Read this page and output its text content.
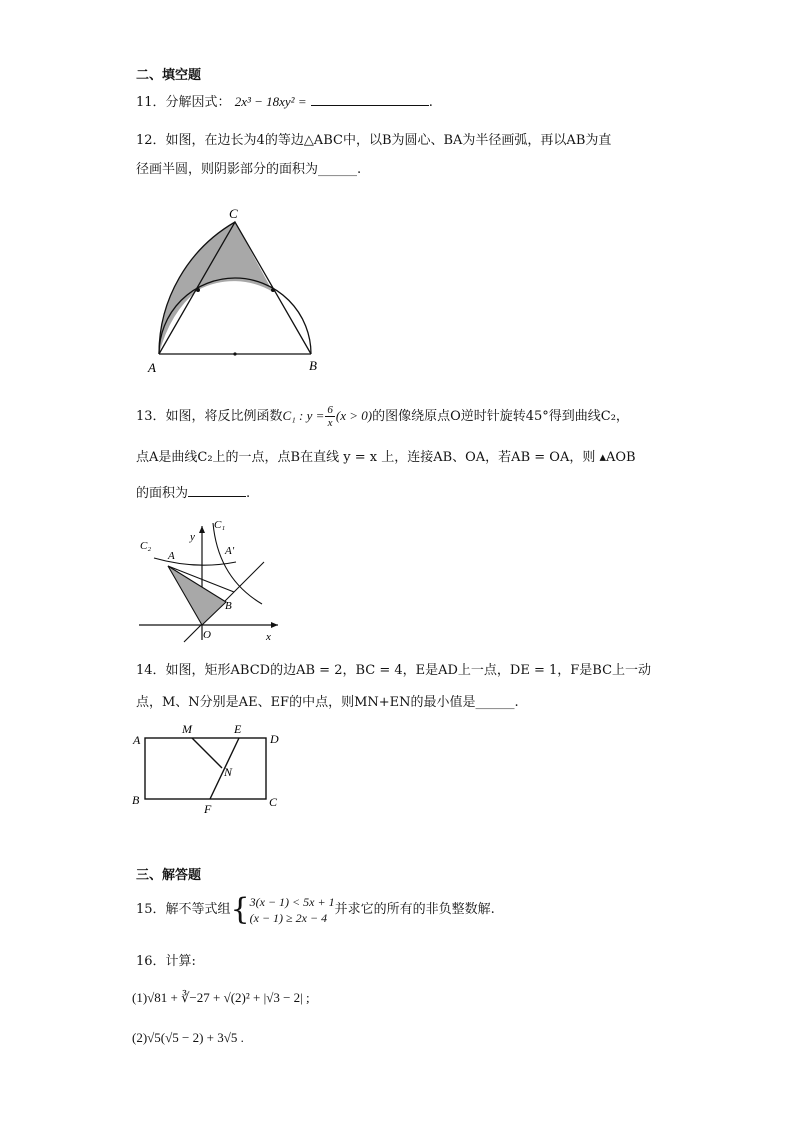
二、填空题
11．分解因式： 2x³ − 18xy² =	.
12．如图，在边长为4的等边△ABC中，以B为圆心、BA为半径画弧，再以AB为直
径画半圆，则阴影部分的面积为______.
C
A	B
13．如图，将反比例函数C₁ : $y = \frac{6}{x} (x > 0)$的图像绕原点O逆时针旋转45°得到曲线C₂，
点A是曲线C₂上的一点，点B在直线 y = x 上，连接AB、OA，若AB = OA，则 ▴AOB
的面积为	.
C₁
C₂
y
A	A′
B
O	x
14．如图，矩形ABCD的边AB = 2，BC = 4，E是AD上一点，DE = 1，F是BC上一动
点，M、N分别是AE、EF的中点，则MN+EN的最小值是______.
A
M	E
D
N
B
F	C
三、解答题
15．解不等式组{ 3(x − 1) < 5x + 1
(x − 1) ≥ 2x − 4
并求它的所有的非负整数解.
16．计算:
(1)√81 + ∛−27 + √(2)² + |√3 − 2| ;
(2)√5(√5 − 2) + 3√5 .
